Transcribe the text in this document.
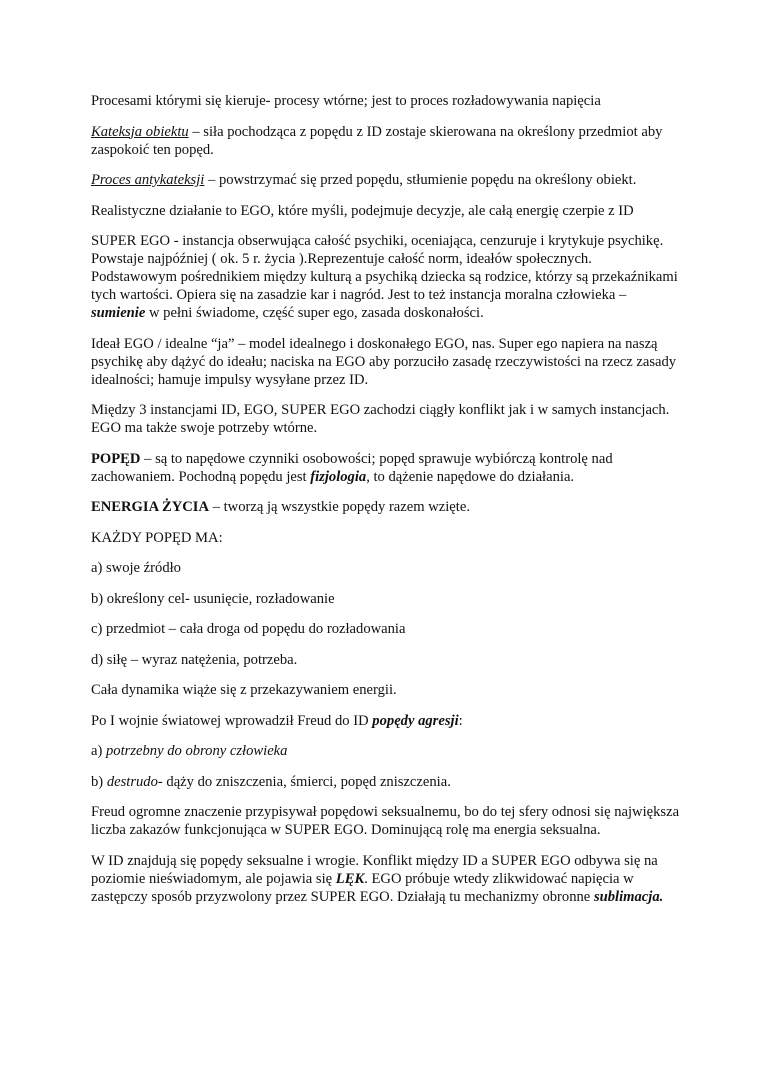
Procesami którymi się kieruje- procesy wtórne; jest to proces rozładowywania napięcia

Kateksja obiektu – siła pochodząca z popędu z ID zostaje skierowana na określony przedmiot aby zaspokoić ten popęd.

Proces antykateksji – powstrzymać się przed popędu, stłumienie popędu na określony obiekt.

Realistyczne działanie to EGO, które myśli, podejmuje decyzje, ale całą energię czerpie z ID

SUPER EGO - instancja obserwująca całość psychiki, oceniająca, cenzuruje i krytykuje psychikę. Powstaje najpóźniej ( ok. 5 r. życia ).Reprezentuje całość norm, ideałów społecznych. Podstawowym pośrednikiem między kulturą a psychiką dziecka są rodzice, którzy są przekaźnikami tych wartości. Opiera się na zasadzie kar i nagród. Jest to też instancja moralna człowieka – sumienie w pełni świadome, część super ego, zasada doskonałości.

Ideał EGO / idealne “ja” – model idealnego i doskonałego EGO, nas. Super ego napiera na naszą psychikę aby dążyć do ideału; naciska na EGO aby porzuciło zasadę rzeczywistości na rzecz zasady idealności; hamuje impulsy wysyłane przez ID.

Między 3 instancjami ID, EGO, SUPER EGO zachodzi ciągły konflikt jak i w samych instancjach. EGO ma także swoje potrzeby wtórne.

POPĘD – są to napędowe czynniki osobowości; popęd sprawuje wybiórczą kontrolę nad zachowaniem. Pochodną popędu jest fizjologia, to dążenie napędowe do działania.

ENERGIA ŻYCIA – tworzą ją wszystkie popędy razem wzięte.

KAŻDY POPĘD MA:

a) swoje źródło

b) określony cel- usunięcie, rozładowanie

c) przedmiot – cała droga od popędu do rozładowania

d) siłę – wyraz natężenia, potrzeba.

Cała dynamika wiąże się z przekazywaniem energii.

Po I wojnie światowej wprowadził Freud do ID popędy agresji:

a) potrzebny do obrony człowieka

b) destrudo- dąży do zniszczenia, śmierci, popęd zniszczenia.

Freud ogromne znaczenie przypisywał popędowi seksualnemu, bo do tej sfery odnosi się największa liczba zakazów funkcjonująca w SUPER EGO. Dominującą rolę ma energia seksualna.

W ID znajdują się popędy seksualne i wrogie. Konflikt między ID a SUPER EGO odbywa się na poziomie nieświadomym, ale pojawia się LĘK. EGO próbuje wtedy zlikwidować napięcia w zastępczy sposób przyzwolony przez SUPER EGO. Działają tu mechanizmy obronne sublimacja.
